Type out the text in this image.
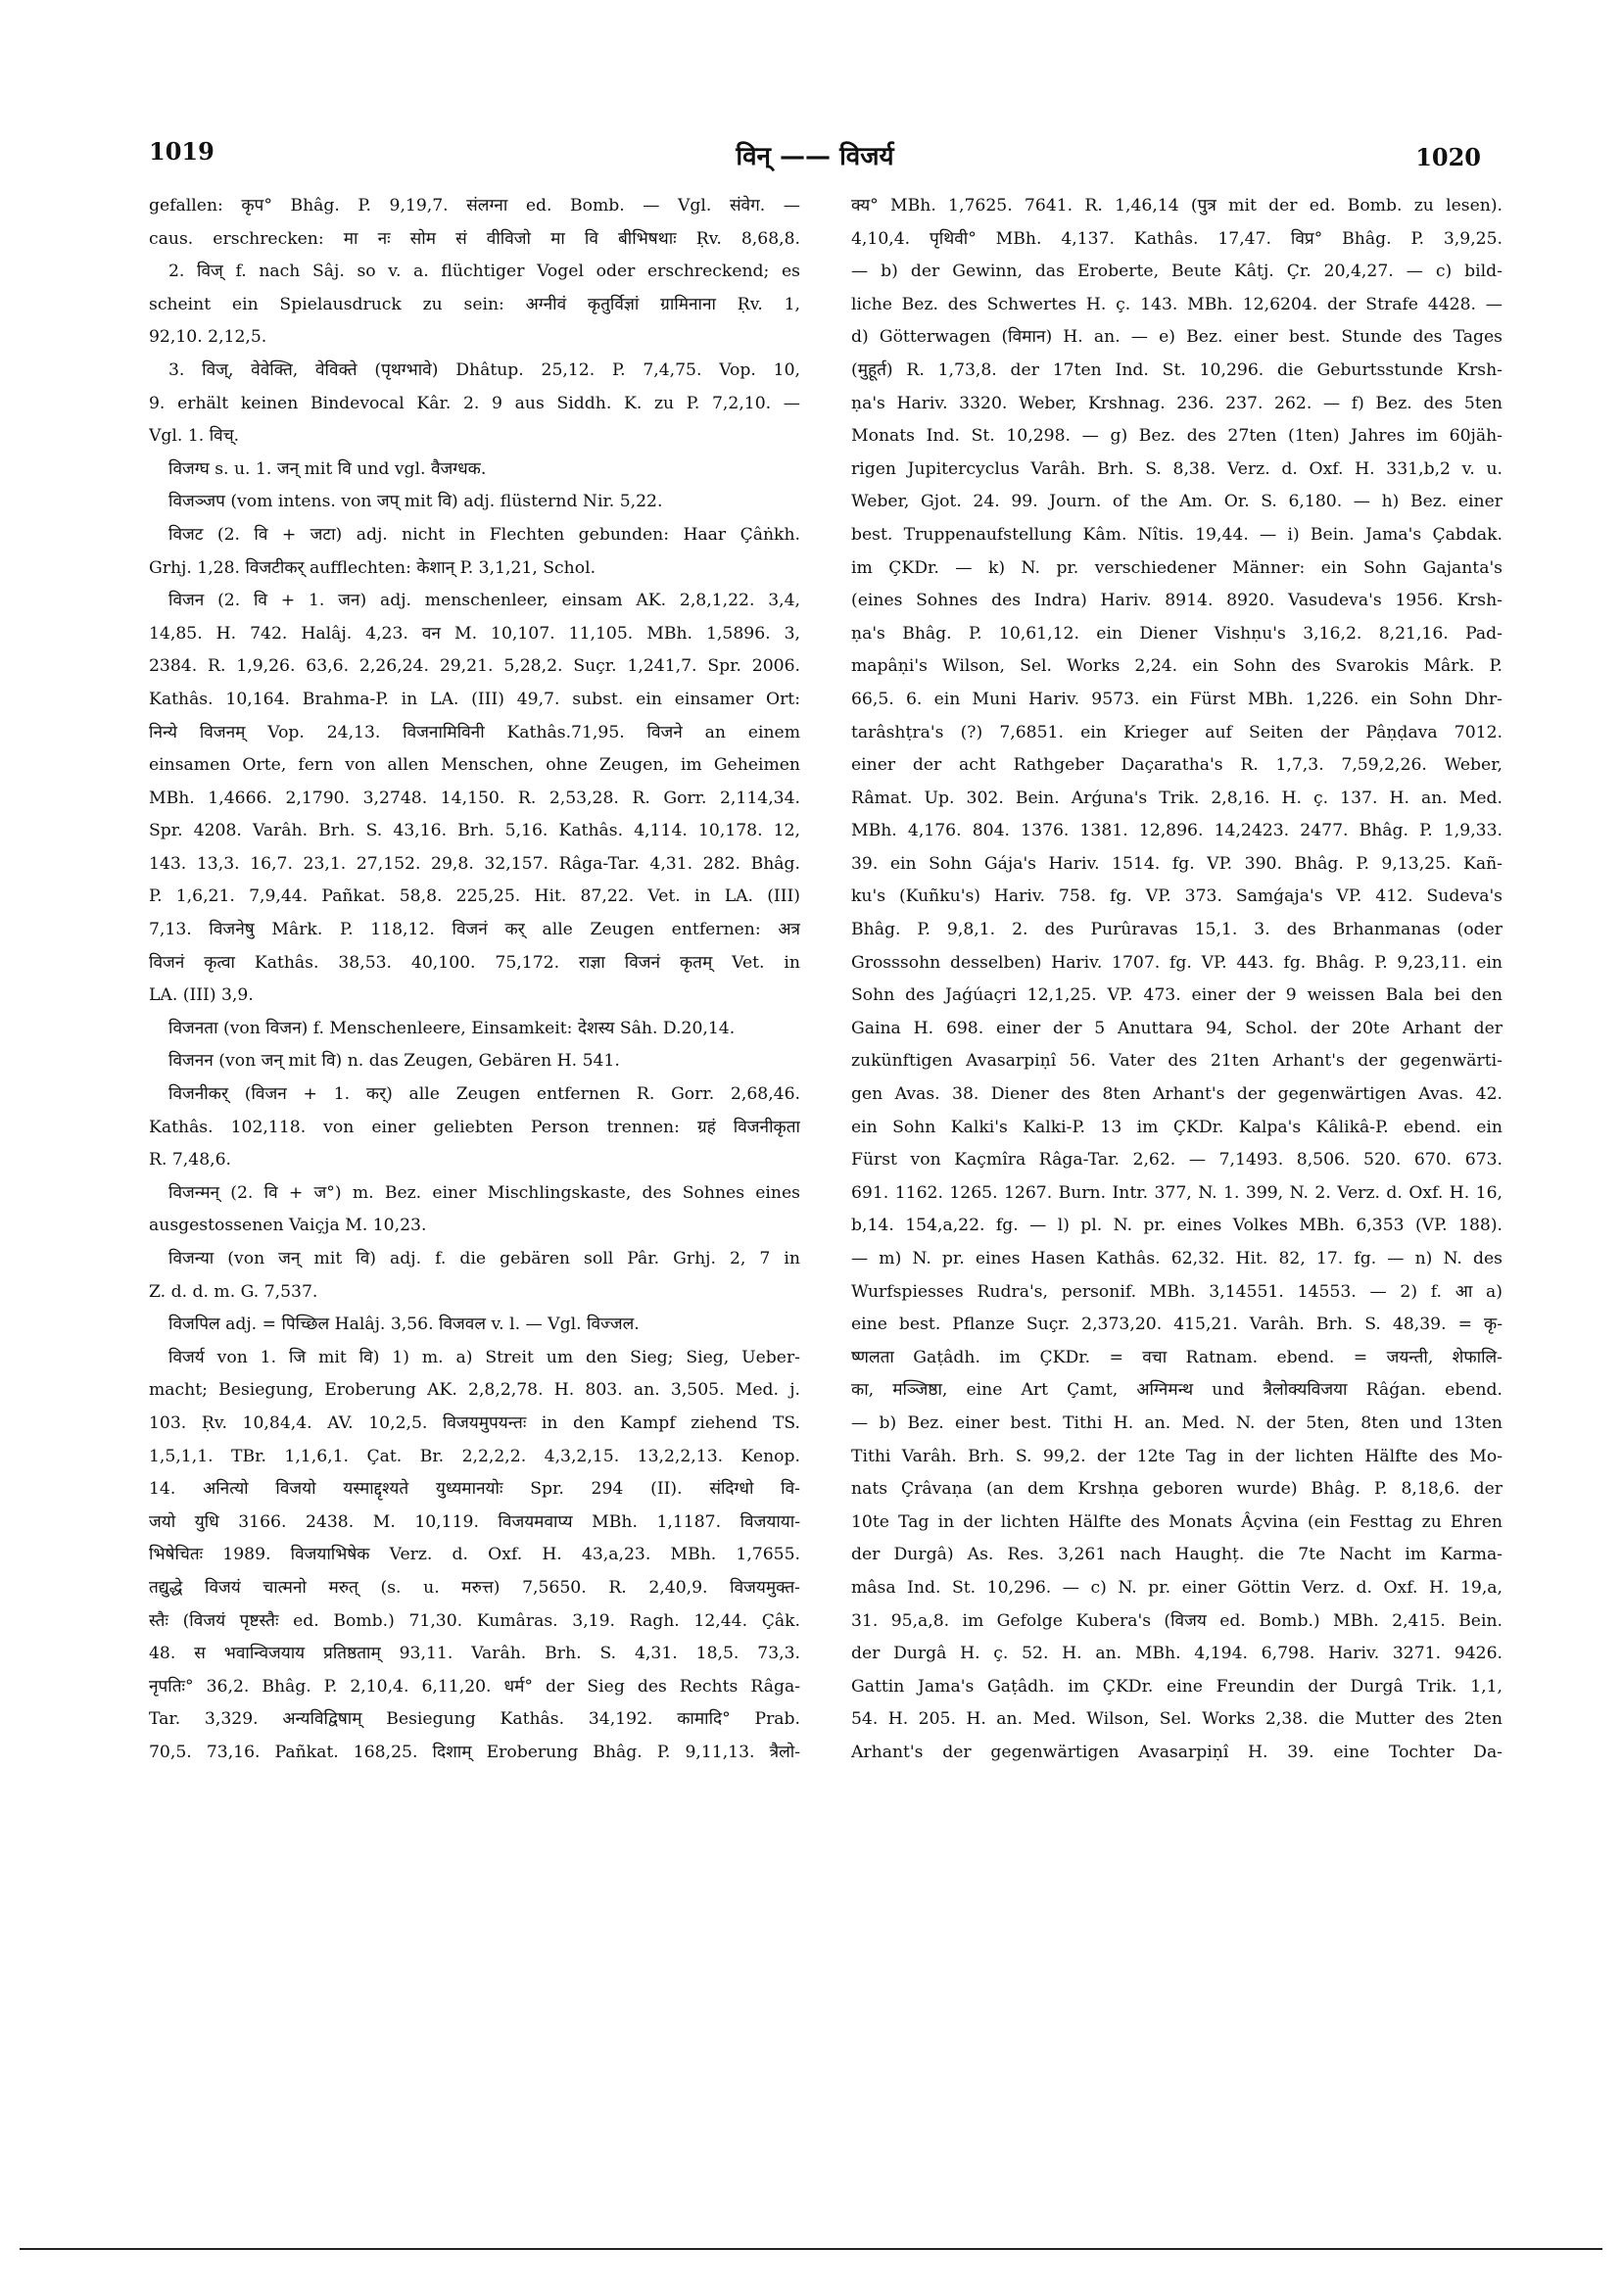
1019	विन् —— विजर्य	1020
gefallen: कृप° Bhâg. P. 9,19,7. संलग्ना ed. Bomb. — Vgl. संवेग. —
caus. erschrecken: मा नः सोम सं वीविजो मा वि बीभिषथाः Ṛv. 8,68,8.
2. विज् f. nach Sâj. so v. a. flüchtiger Vogel oder erschreckend; es
scheint ein Spielausdruck zu sein: अग्नीवं कृतुर्विज्ञां ग्रामिनाना Ṛv. 1,
92,10. 2,12,5.
3. विज्, वेवेक्ति, वेविक्ते (पृथग्भावे) Dhâtup. 25,12. P. 7,4,75. Vop. 10,
9. erhält keinen Bindevocal Kâr. 2. 9 aus Siddh. K. zu P. 7,2,10. —
Vgl. 1. विच्.
विजग्घ s. u. 1. जन् mit वि und vgl. वैजग्धक.
विजञ्जप (vom intens. von जप् mit वि) adj. flüsternd Nir. 5,22.
विजट (2. वि + जटा) adj. nicht in Flechten gebunden: Haar Çâṅkh.
Grhj. 1,28. विजटीकर् aufflechten: केशान् P. 3,1,21, Schol.
विजन (2. वि + 1. जन) adj. menschenleer, einsam AK. 2,8,1,22. 3,4,
14,85. H. 742. Halâj. 4,23. वन M. 10,107. 11,105. MBh. 1,5896. 3,
2384. R. 1,9,26. 63,6. 2,26,24. 29,21. 5,28,2. Suçr. 1,241,7. Spr. 2006.
Kathâs. 10,164. Brahma-P. in LA. (III) 49,7. subst. ein einsamer Ort:
निन्ये विजनम् Vop. 24,13. विजनामिविनी Kathâs.71,95. विजने an einem
einsamen Orte, fern von allen Menschen, ohne Zeugen, im Geheimen
MBh. 1,4666. 2,1790. 3,2748. 14,150. R. 2,53,28. R. Gorr. 2,114,34.
Spr. 4208. Varâh. Brh. S. 43,16. Brh. 5,16. Kathâs. 4,114. 10,178. 12,
143. 13,3. 16,7. 23,1. 27,152. 29,8. 32,157. Râga-Tar. 4,31. 282. Bhâg.
P. 1,6,21. 7,9,44. Pañkat. 58,8. 225,25. Hit. 87,22. Vet. in LA. (III)
7,13. विजनेषु Mârk. P. 118,12. विजनं कर् alle Zeugen entfernen: अत्र
विजनं कृत्वा Kathâs. 38,53. 40,100. 75,172. राज्ञा विजनं कृतम् Vet. in
LA. (III) 3,9.
विजनता (von विजन) f. Menschenleere, Einsamkeit: देशस्य Sâh. D.20,14.
विजनन (von जन् mit वि) n. das Zeugen, Gebären H. 541.
विजनीकर् (विजन + 1. कर्) alle Zeugen entfernen R. Gorr. 2,68,46.
Kathâs. 102,118. von einer geliebten Person trennen: ग्रहं विजनीकृता
R. 7,48,6.
विजन्मन् (2. वि + ज°) m. Bez. einer Mischlingskaste, des Sohnes eines
ausgestossenen Vaiçja M. 10,23.
विजन्या (von जन् mit वि) adj. f. die gebären soll Pâr. Grhj. 2, 7 in
Z. d. d. m. G. 7,537.
विजपिल adj. = पिच्छिल Halâj. 3,56. विजवल v. l. — Vgl. विज्जल.
विजर्य von 1. जि mit वि) 1) m. a) Streit um den Sieg; Sieg, Ueber-
macht; Besiegung, Eroberung AK. 2,8,2,78. H. 803. an. 3,505. Med. j.
103. Ṛv. 10,84,4. AV. 10,2,5. विजयमुपयन्तः in den Kampf ziehend TS.
1,5,1,1. TBr. 1,1,6,1. Çat. Br. 2,2,2,2. 4,3,2,15. 13,2,2,13. Kenop.
14. अनित्यो विजयो यस्माद्दृश्यते युध्यमानयोः Spr. 294 (II). संदिग्धो वि-
जयो युधि 3166. 2438. M. 10,119. विजयमवाप्य MBh. 1,1187. विजयाया-
भिषेचितः 1989. विजयाभिषेक Verz. d. Oxf. H. 43,a,23. MBh. 1,7655.
तद्युद्धे विजयं चात्मनो मरुत् (s. u. मरुत्त) 7,5650. R. 2,40,9. विजयमुक्त-
स्तैः (विजयं पृष्टस्तैः ed. Bomb.) 71,30. Kumâras. 3,19. Ragh. 12,44. Çâk.
48. स भवान्विजयाय प्रतिष्ठताम् 93,11. Varâh. Brh. S. 4,31. 18,5. 73,3.
नृपतिः° 36,2. Bhâg. P. 2,10,4. 6,11,20. धर्म° der Sieg des Rechts Râga-
Tar. 3,329. अन्यविद्विषाम् Besiegung Kathâs. 34,192. कामादि° Prab.
70,5. 73,16. Pañkat. 168,25. दिशाम् Eroberung Bhâg. P. 9,11,13. त्रैलो-
क्य° MBh. 1,7625. 7641. R. 1,46,14 (पुत्र mit der ed. Bomb. zu lesen).
4,10,4. पृथिवी° MBh. 4,137. Kathâs. 17,47. विप्र° Bhâg. P. 3,9,25.
— b) der Gewinn, das Eroberte, Beute Kâtj. Çr. 20,4,27. — c) bild-
liche Bez. des Schwertes H. ç. 143. MBh. 12,6204. der Strafe 4428. —
d) Götterwagen (विमान) H. an. — e) Bez. einer best. Stunde des Tages
(मुहूर्त) R. 1,73,8. der 17ten Ind. St. 10,296. die Geburtsstunde Krsh-
ṇa's Hariv. 3320. Weber, Krshnag. 236. 237. 262. — f) Bez. des 5ten
Monats Ind. St. 10,298. — g) Bez. des 27ten (1ten) Jahres im 60jäh-
rigen Jupitercyclus Varâh. Brh. S. 8,38. Verz. d. Oxf. H. 331,b,2 v. u.
Weber, Gjot. 24. 99. Journ. of the Am. Or. S. 6,180. — h) Bez. einer
best. Truppenaufstellung Kâm. Nîtis. 19,44. — i) Bein. Jama's Çabdak.
im ÇKDr. — k) N. pr. verschiedener Männer: ein Sohn Gajanta's
(eines Sohnes des Indra) Hariv. 8914. 8920. Vasudeva's 1956. Krsh-
ṇa's Bhâg. P. 10,61,12. ein Diener Vishṇu's 3,16,2. 8,21,16. Pad-
mapâṇi's Wilson, Sel. Works 2,24. ein Sohn des Svarokis Mârk. P.
66,5. 6. ein Muni Hariv. 9573. ein Fürst MBh. 1,226. ein Sohn Dhr-
tarâshṭra's (?) 7,6851. ein Krieger auf Seiten der Pâṇḍava 7012.
einer der acht Rathgeber Daçaratha's R. 1,7,3. 7,59,2,26. Weber,
Râmat. Up. 302. Bein. Arǵuna's Trik. 2,8,16. H. ç. 137. H. an. Med.
MBh. 4,176. 804. 1376. 1381. 12,896. 14,2423. 2477. Bhâg. P. 1,9,33.
39. ein Sohn Gája's Hariv. 1514. fg. VP. 390. Bhâg. P. 9,13,25. Kañ-
ku's (Kuñku's) Hariv. 758. fg. VP. 373. Samǵaja's VP. 412. Sudeva's
Bhâg. P. 9,8,1. 2. des Purûravas 15,1. 3. des Brhanmanas (oder
Grosssohn desselben) Hariv. 1707. fg. VP. 443. fg. Bhâg. P. 9,23,11. ein
Sohn des Jaǵúaçri 12,1,25. VP. 473. einer der 9 weissen Bala bei den
Gaina H. 698. einer der 5 Anuttara 94, Schol. der 20te Arhant der
zukünftigen Avasarpiṇî 56. Vater des 21ten Arhant's der gegenwärti-
gen Avas. 38. Diener des 8ten Arhant's der gegenwärtigen Avas. 42.
ein Sohn Kalki's Kalki-P. 13 im ÇKDr. Kalpa's Kâlikâ-P. ebend. ein
Fürst von Kaçmîra Râga-Tar. 2,62. — 7,1493. 8,506. 520. 670. 673.
691. 1162. 1265. 1267. Burn. Intr. 377, N. 1. 399, N. 2. Verz. d. Oxf. H. 16,
b,14. 154,a,22. fg. — l) pl. N. pr. eines Volkes MBh. 6,353 (VP. 188).
— m) N. pr. eines Hasen Kathâs. 62,32. Hit. 82, 17. fg. — n) N. des
Wurfspiesses Rudra's, personif. MBh. 3,14551. 14553. — 2) f. आ a)
eine best. Pflanze Suçr. 2,373,20. 415,21. Varâh. Brh. S. 48,39. = कृ-
ष्णलता Gaṭâdh. im ÇKDr. = वचा Ratnam. ebend. = जयन्ती, शेफालि-
का, मञ्जिष्ठा, eine Art Çamt, अग्निमन्थ und त्रैलोक्यविजया Râǵan. ebend.
— b) Bez. einer best. Tithi H. an. Med. N. der 5ten, 8ten und 13ten
Tithi Varâh. Brh. S. 99,2. der 12te Tag in der lichten Hälfte des Mo-
nats Çrâvaṇa (an dem Krshṇa geboren wurde) Bhâg. P. 8,18,6. der
10te Tag in der lichten Hälfte des Monats Âçvina (ein Festtag zu Ehren
der Durgâ) As. Res. 3,261 nach Haughț. die 7te Nacht im Karma-
mâsa Ind. St. 10,296. — c) N. pr. einer Göttin Verz. d. Oxf. H. 19,a,
31. 95,a,8. im Gefolge Kubera's (विजय ed. Bomb.) MBh. 2,415. Bein.
der Durgâ H. ç. 52. H. an. MBh. 4,194. 6,798. Hariv. 3271. 9426.
Gattin Jama's Gaṭâdh. im ÇKDr. eine Freundin der Durgâ Trik. 1,1,
54. H. 205. H. an. Med. Wilson, Sel. Works 2,38. die Mutter des 2ten
Arhant's der gegenwärtigen Avasarpiṇî H. 39. eine Tochter Da-
